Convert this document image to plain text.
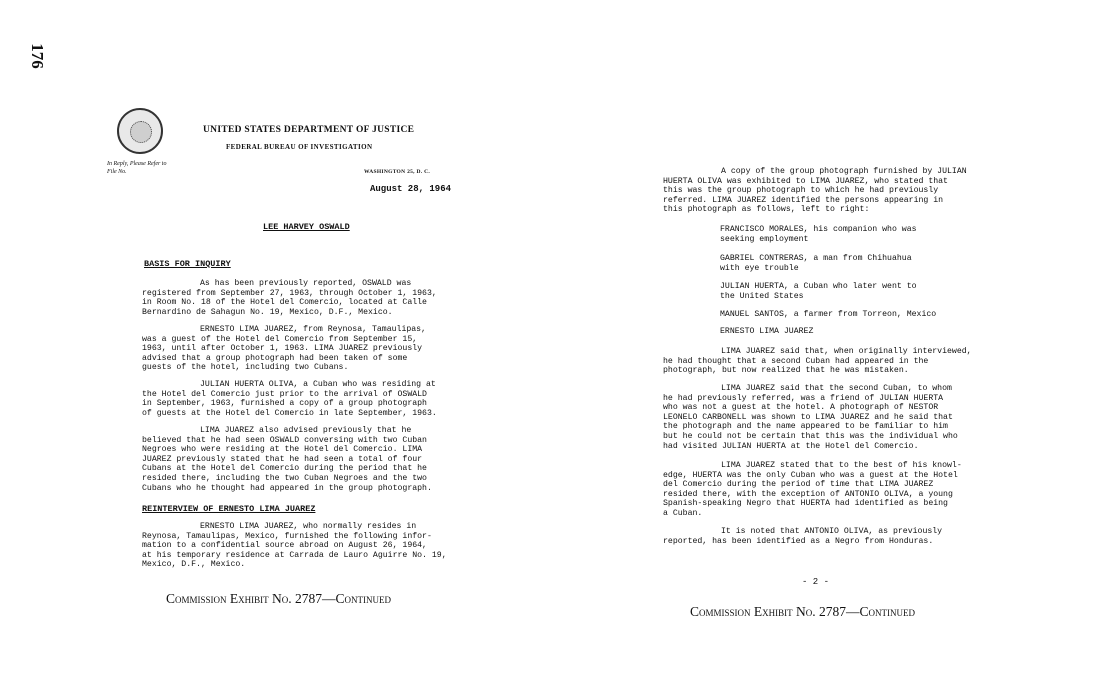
176
In Reply, Please Refer to
File No.
UNITED STATES DEPARTMENT OF JUSTICE
FEDERAL BUREAU OF INVESTIGATION
WASHINGTON 25, D. C.
August 28, 1964
LEE HARVEY OSWALD
BASIS FOR INQUIRY
As has been previously reported, OSWALD was
registered from September 27, 1963, through October 1, 1963,
in Room No. 18 of the Hotel del Comercio, located at Calle
Bernardino de Sahagun No. 19, Mexico, D.F., Mexico.
ERNESTO LIMA JUAREZ, from Reynosa, Tamaulipas,
was a guest of the Hotel del Comercio from September 15,
1963, until after October 1, 1963. LIMA JUAREZ previously
advised that a group photograph had been taken of some
guests of the hotel, including two Cubans.
JULIAN HUERTA OLIVA, a Cuban who was residing at
the Hotel del Comercio just prior to the arrival of OSWALD
in September, 1963, furnished a copy of a group photograph
of guests at the Hotel del Comercio in late September, 1963.
LIMA JUAREZ also advised previously that he
believed that he had seen OSWALD conversing with two Cuban
Negroes who were residing at the Hotel del Comercio. LIMA
JUAREZ previously stated that he had seen a total of four
Cubans at the Hotel del Comercio during the period that he
resided there, including the two Cuban Negroes and the two
Cubans who he thought had appeared in the group photograph.
REINTERVIEW OF ERNESTO LIMA JUAREZ
ERNESTO LIMA JUAREZ, who normally resides in
Reynosa, Tamaulipas, Mexico, furnished the following infor-
mation to a confidential source abroad on August 26, 1964,
at his temporary residence at Carrada de Lauro Aguirre No. 19,
Mexico, D.F., Mexico.
Commission Exhibit No. 2787—Continued
A copy of the group photograph furnished by JULIAN
HUERTA OLIVA was exhibited to LIMA JUAREZ, who stated that
this was the group photograph to which he had previously
referred. LIMA JUAREZ identified the persons appearing in
this photograph as follows, left to right:
FRANCISCO MORALES, his companion who was
seeking employment
GABRIEL CONTRERAS, a man from Chihuahua
with eye trouble
JULIAN HUERTA, a Cuban who later went to
the United States
MANUEL SANTOS, a farmer from Torreon, Mexico
ERNESTO LIMA JUAREZ
LIMA JUAREZ said that, when originally interviewed,
he had thought that a second Cuban had appeared in the
photograph, but now realized that he was mistaken.
LIMA JUAREZ said that the second Cuban, to whom
he had previously referred, was a friend of JULIAN HUERTA
who was not a guest at the hotel. A photograph of NESTOR
LEONELO CARBONELL was shown to LIMA JUAREZ and he said that
the photograph and the name appeared to be familiar to him
but he could not be certain that this was the individual who
had visited JULIAN HUERTA at the Hotel del Comercio.
LIMA JUAREZ stated that to the best of his knowl-
edge, HUERTA was the only Cuban who was a guest at the Hotel
del Comercio during the period of time that LIMA JUAREZ
resided there, with the exception of ANTONIO OLIVA, a young
Spanish-speaking Negro that HUERTA had identified as being
a Cuban.
It is noted that ANTONIO OLIVA, as previously
reported, has been identified as a Negro from Honduras.
- 2 -
Commission Exhibit No. 2787—Continued
